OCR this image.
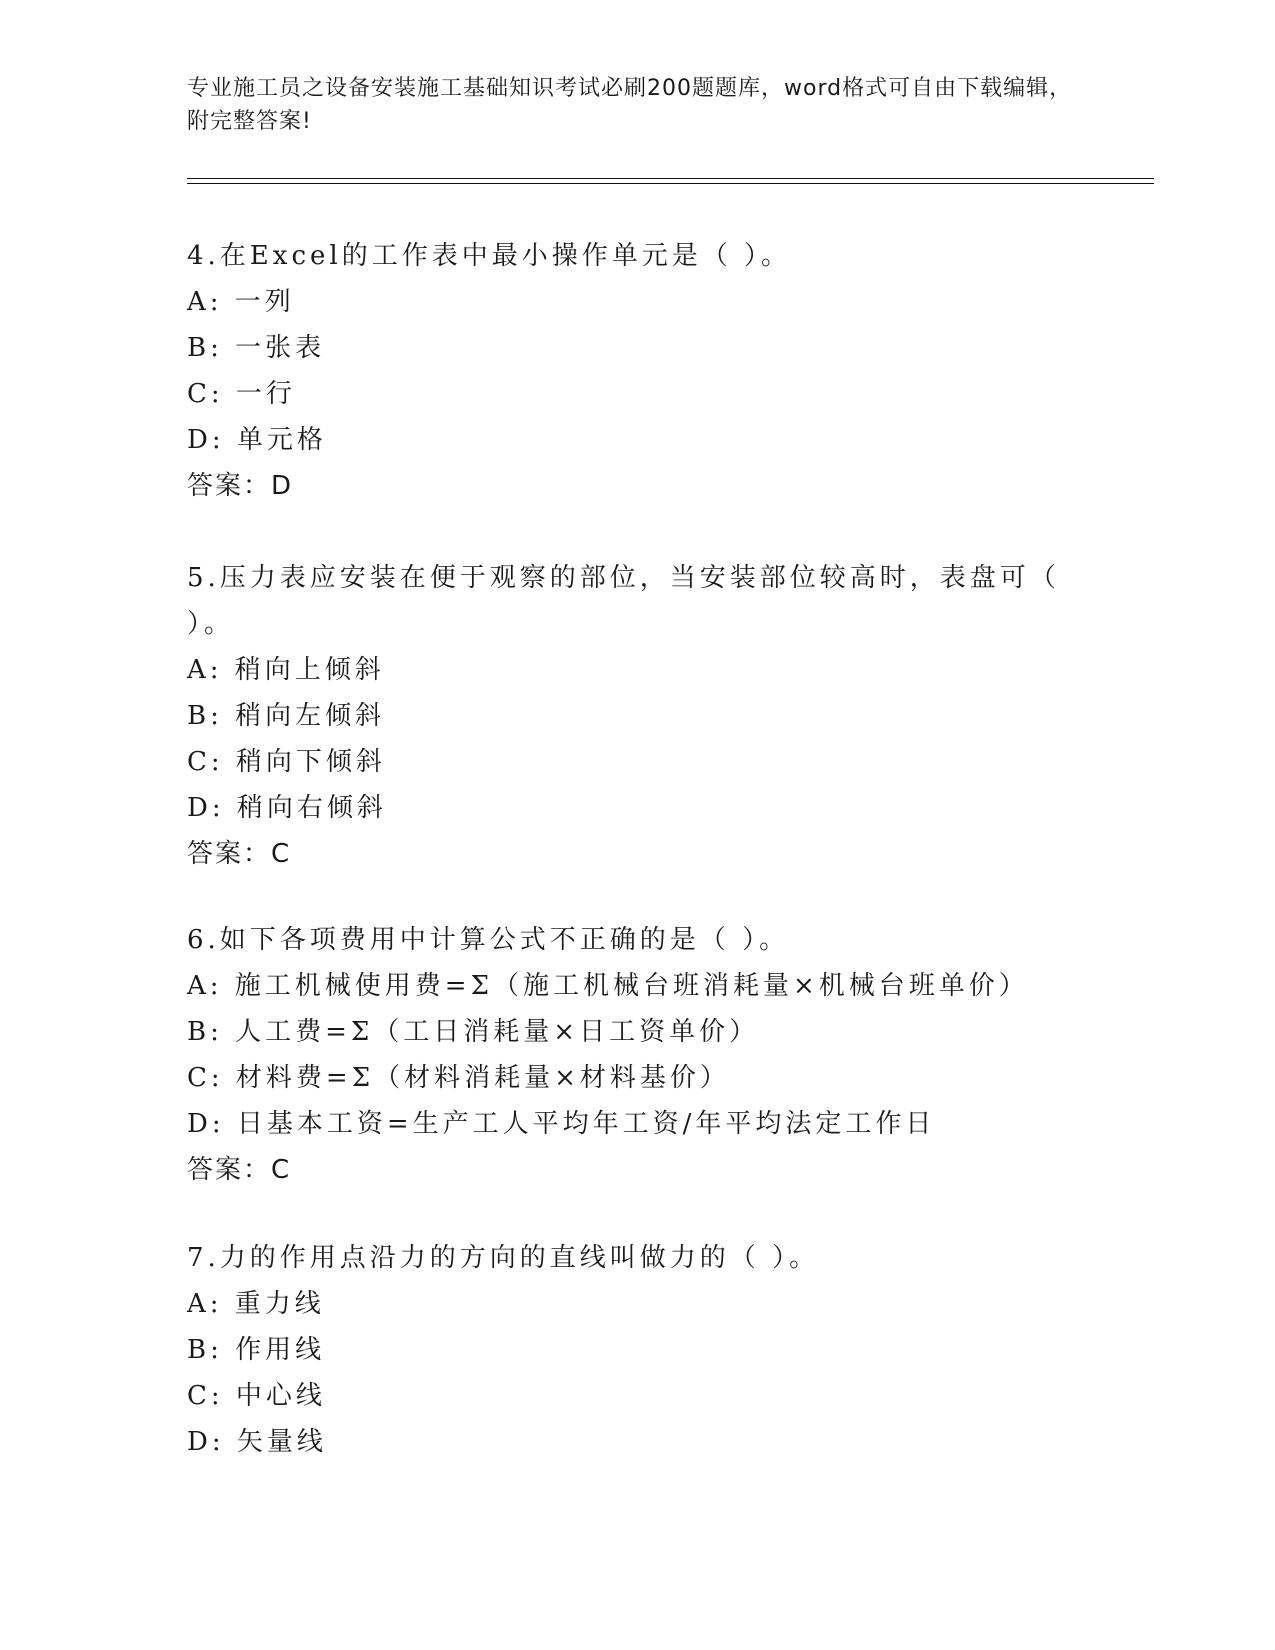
专业施工员之设备安装施工基础知识考试必刷200题题库，word格式可自由下载编辑，附完整答案!
4.在Excel的工作表中最小操作单元是（ ）。
A: 一列
B: 一张表
C: 一行
D: 单元格
答案：D
5.压力表应安装在便于观察的部位，当安装部位较高时，表盘可（ ）。
A: 稍向上倾斜
B: 稍向左倾斜
C: 稍向下倾斜
D: 稍向右倾斜
答案：C
6.如下各项费用中计算公式不正确的是（ ）。
A: 施工机械使用费=Σ（施工机械台班消耗量×机械台班单价）
B: 人工费=Σ（工日消耗量×日工资单价）
C: 材料费=Σ（材料消耗量×材料基价）
D: 日基本工资=生产工人平均年工资/年平均法定工作日
答案：C
7.力的作用点沿力的方向的直线叫做力的（ ）。
A: 重力线
B: 作用线
C: 中心线
D: 矢量线
